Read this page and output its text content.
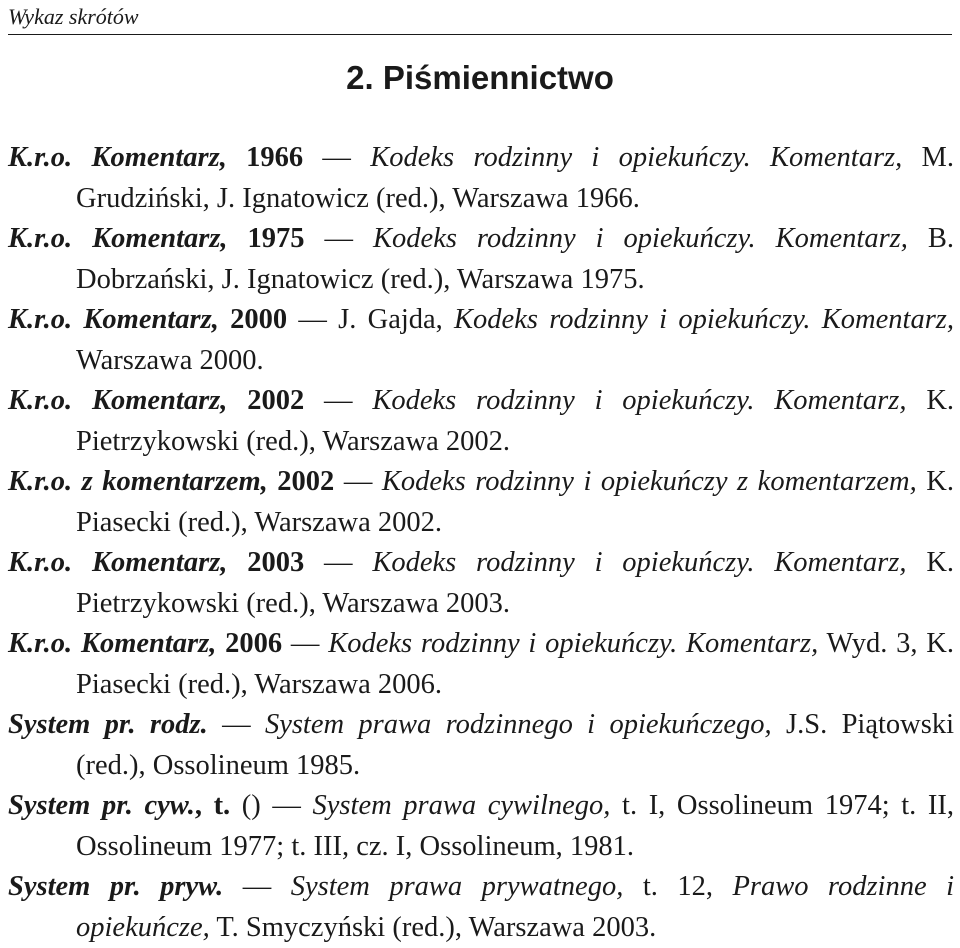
Wykaz skrótów
2. Piśmiennictwo
K.r.o. Komentarz, 1966 — Kodeks rodzinny i opiekuńczy. Komentarz, M. Grudziński, J. Ignatowicz (red.), Warszawa 1966.
K.r.o. Komentarz, 1975 — Kodeks rodzinny i opiekuńczy. Komentarz, B. Dobrzański, J. Ignatowicz (red.), Warszawa 1975.
K.r.o. Komentarz, 2000 — J. Gajda, Kodeks rodzinny i opiekuńczy. Komentarz, Warszawa 2000.
K.r.o. Komentarz, 2002 — Kodeks rodzinny i opiekuńczy. Komentarz, K. Pietrzykowski (red.), Warszawa 2002.
K.r.o. z komentarzem, 2002 — Kodeks rodzinny i opiekuńczy z komentarzem, K. Piasecki (red.), Warszawa 2002.
K.r.o. Komentarz, 2003 — Kodeks rodzinny i opiekuńczy. Komentarz, K. Pietrzykowski (red.), Warszawa 2003.
K.r.o. Komentarz, 2006 — Kodeks rodzinny i opiekuńczy. Komentarz, Wyd. 3, K. Piasecki (red.), Warszawa 2006.
System pr. rodz. — System prawa rodzinnego i opiekuńczego, J.S. Piątowski (red.), Ossolineum 1985.
System pr. cyw., t. () — System prawa cywilnego, t. I, Ossolineum 1974; t. II, Ossolineum 1977; t. III, cz. I, Ossolineum, 1981.
System pr. pryw. — System prawa prywatnego, t. 12, Prawo rodzinne i opiekuńcze, T. Smyczyński (red.), Warszawa 2003.
